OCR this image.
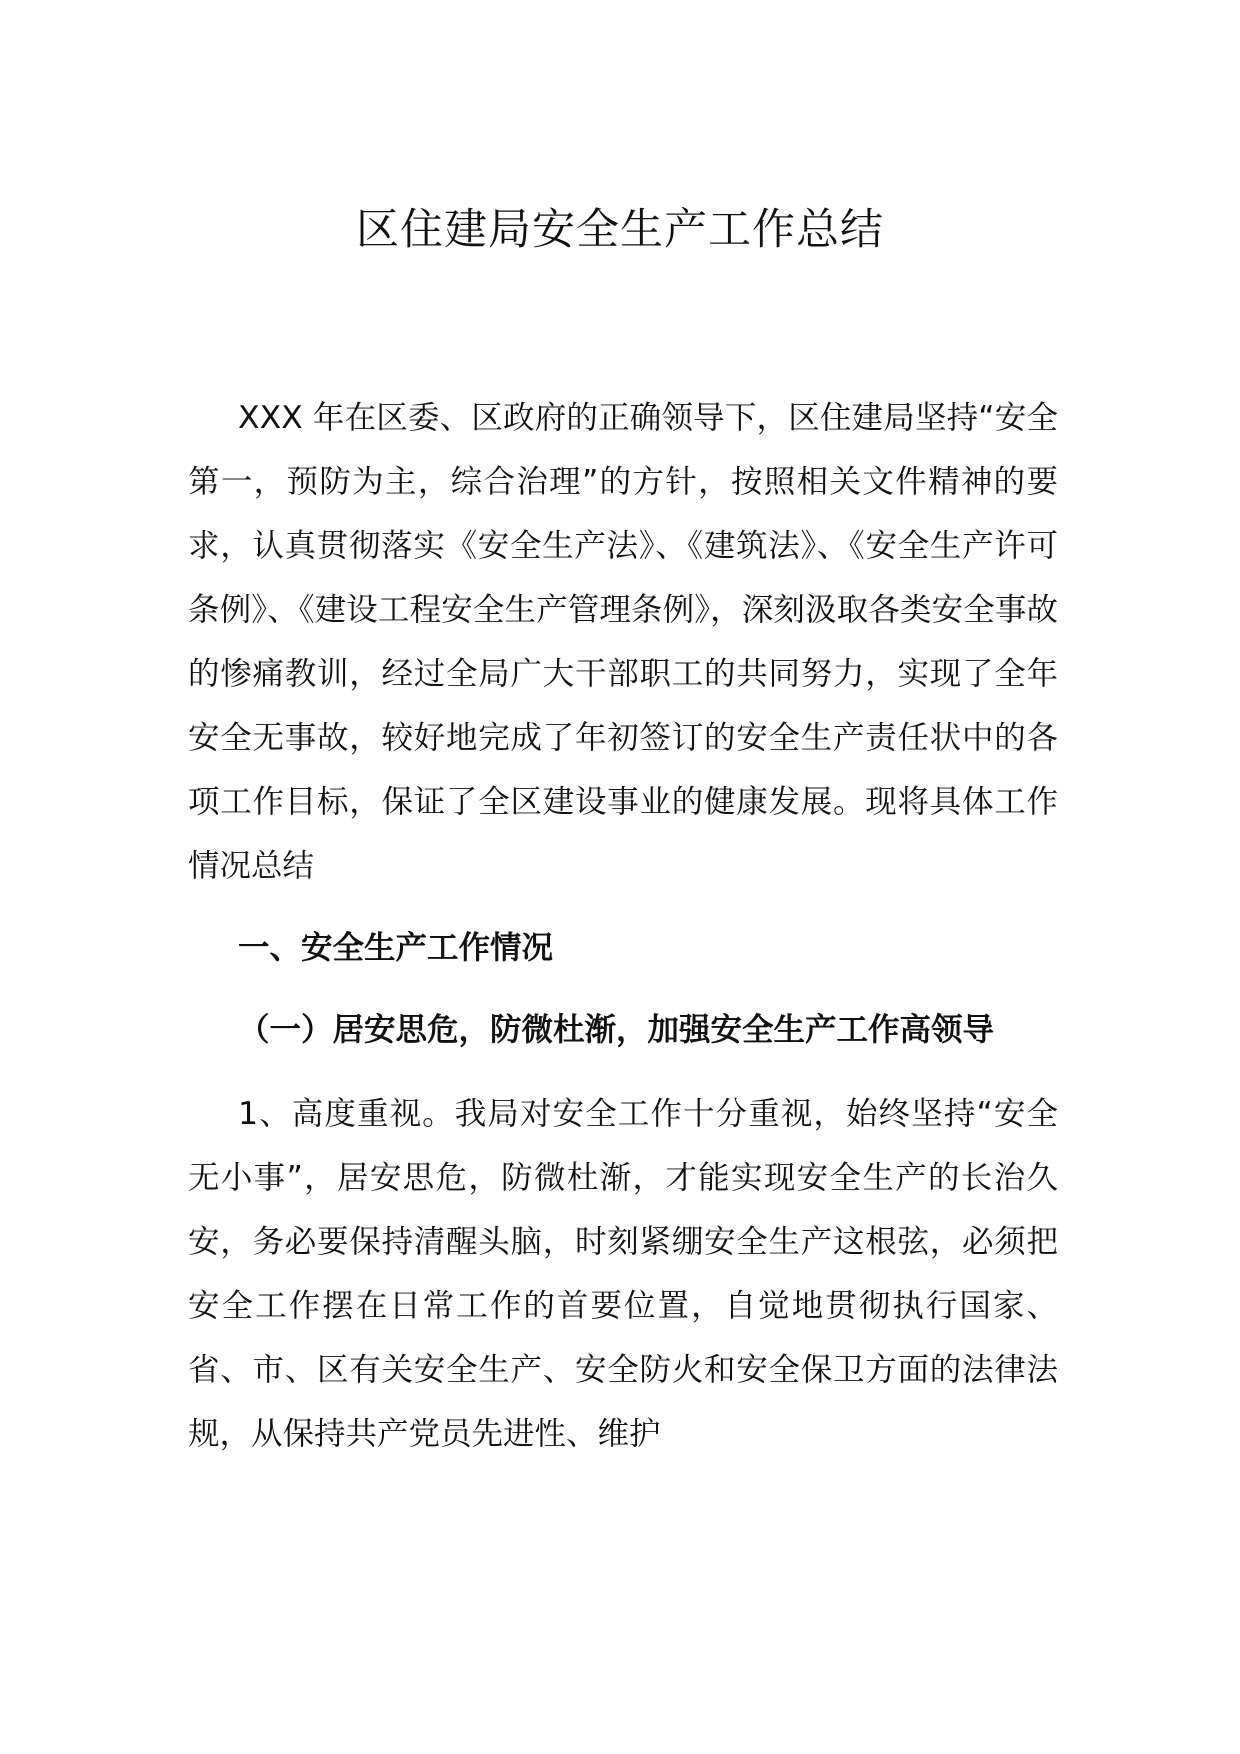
区住建局安全生产工作总结

XXX 年在区委、区政府的正确领导下，区住建局坚持“安全第一，预防为主，综合治理”的方针，按照相关文件精神的要求，认真贯彻落实《安全生产法》、《建筑法》、《安全生产许可条例》、《建设工程安全生产管理条例》，深刻汲取各类安全事故的惨痛教训，经过全局广大干部职工的共同努力，实现了全年安全无事故，较好地完成了年初签订的安全生产责任状中的各项工作目标，保证了全区建设事业的健康发展。现将具体工作情况总结

一、安全生产工作情况
（一）居安思危，防微杜渐，加强安全生产工作高领导

1、高度重视。我局对安全工作十分重视，始终坚持“安全无小事”，居安思危，防微杜渐，才能实现安全生产的长治久安，务必要保持清醒头脑，时刻紧绷安全生产这根弦，必须把安全工作摆在日常工作的首要位置，自觉地贯彻执行国家、省、市、区有关安全生产、安全防火和安全保卫方面的法律法规，从保持共产党员先进性、维护
